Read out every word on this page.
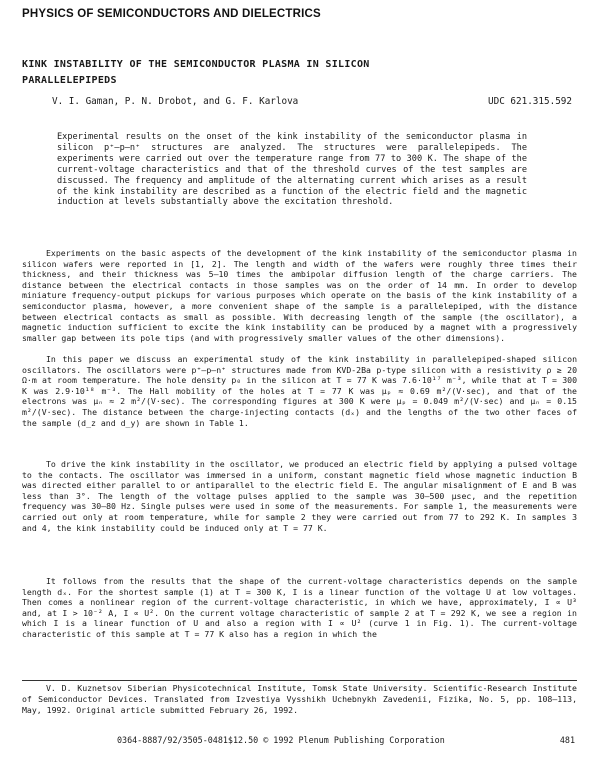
PHYSICS OF SEMICONDUCTORS AND DIELECTRICS
KINK INSTABILITY OF THE SEMICONDUCTOR PLASMA IN SILICON
PARALLELEPIPEDS
V. I. Gaman, P. N. Drobot, and G. F. Karlova	UDC 621.315.592
Experimental results on the onset of the kink instability of the semiconductor plasma in silicon p⁺–p–n⁺ structures are analyzed. The structures were parallelepipeds. The experiments were carried out over the temperature range from 77 to 300 K. The shape of the current-voltage characteristics and that of the threshold curves of the test samples are discussed. The frequency and amplitude of the alternating current which arises as a result of the kink instability are described as a function of the electric field and the magnetic induction at levels substantially above the excitation threshold.

Experiments on the basic aspects of the development of the kink instability of the semiconductor plasma in silicon wafers were reported in [1, 2]. The length and width of the wafers were roughly three times their thickness, and their thickness was 5–10 times the ambipolar diffusion length of the charge carriers. The distance between the electrical contacts in those samples was on the order of 14 mm. In order to develop miniature frequency-output pickups for various purposes which operate on the basis of the kink instability of a semiconductor plasma, however, a more convenient shape of the sample is a parallelepiped, with the distance between electrical contacts as small as possible. With decreasing length of the sample (the oscillator), a magnetic induction sufficient to excite the kink instability can be produced by a magnet with a progressively smaller gap between its pole tips (and with progressively smaller values of the other dimensions).

In this paper we discuss an experimental study of the kink instability in parallelepiped-shaped silicon oscillators. The oscillators were p⁺–p–n⁺ structures made from KVD-2Ba p-type silicon with a resistivity ρ ≥ 20 Ω·m at room temperature. The hole density p₀ in the silicon at T = 77 K was 7.6·10¹⁷ m⁻³, while that at T = 300 K was 2.9·10¹⁸ m⁻³. The Hall mobility of the holes at T = 77 K was μₚ ≈ 0.69 m²/(V·sec), and that of the electrons was μₙ ≈ 2 m²/(V·sec). The corresponding figures at 300 K were μₚ = 0.049 m²/(V·sec) and μₙ = 0.15 m²/(V·sec). The distance between the charge-injecting contacts (dₓ) and the lengths of the two other faces of the sample (d_z and d_y) are shown in Table 1.

To drive the kink instability in the oscillator, we produced an electric field by applying a pulsed voltage to the contacts. The oscillator was immersed in a uniform, constant magnetic field whose magnetic induction B was directed either parallel to or antiparallel to the electric field E. The angular misalignment of E and B was less than 3°. The length of the voltage pulses applied to the sample was 30–500 μsec, and the repetition frequency was 30–80 Hz. Single pulses were used in some of the measurements. For sample 1, the measurements were carried out only at room temperature, while for sample 2 they were carried out from 77 to 292 K. In samples 3 and 4, the kink instability could be induced only at T = 77 K.

It follows from the results that the shape of the current-voltage characteristics depends on the sample length dₓ. For the shortest sample (1) at T = 300 K, I is a linear function of the voltage U at low voltages. Then comes a nonlinear region of the current-voltage characteristic, in which we have, approximately, I ∝ U³ and, at I > 10⁻² A, I ∝ U². On the current voltage characteristic of sample 2 at T = 292 K, we see a region in which I is a linear function of U and also a region with I ∝ U² (curve 1 in Fig. 1). The current-voltage characteristic of this sample at T = 77 K also has a region in which the

V. D. Kuznetsov Siberian Physicotechnical Institute, Tomsk State University. Scientific-Research Institute of Semiconductor Devices. Translated from Izvestiya Vysshikh Uchebnykh Zavedenii, Fizika, No. 5, pp. 108–113, May, 1992. Original article submitted February 26, 1992.

0364-8887/92/3505-0481$12.50 © 1992 Plenum Publishing Corporation	481
